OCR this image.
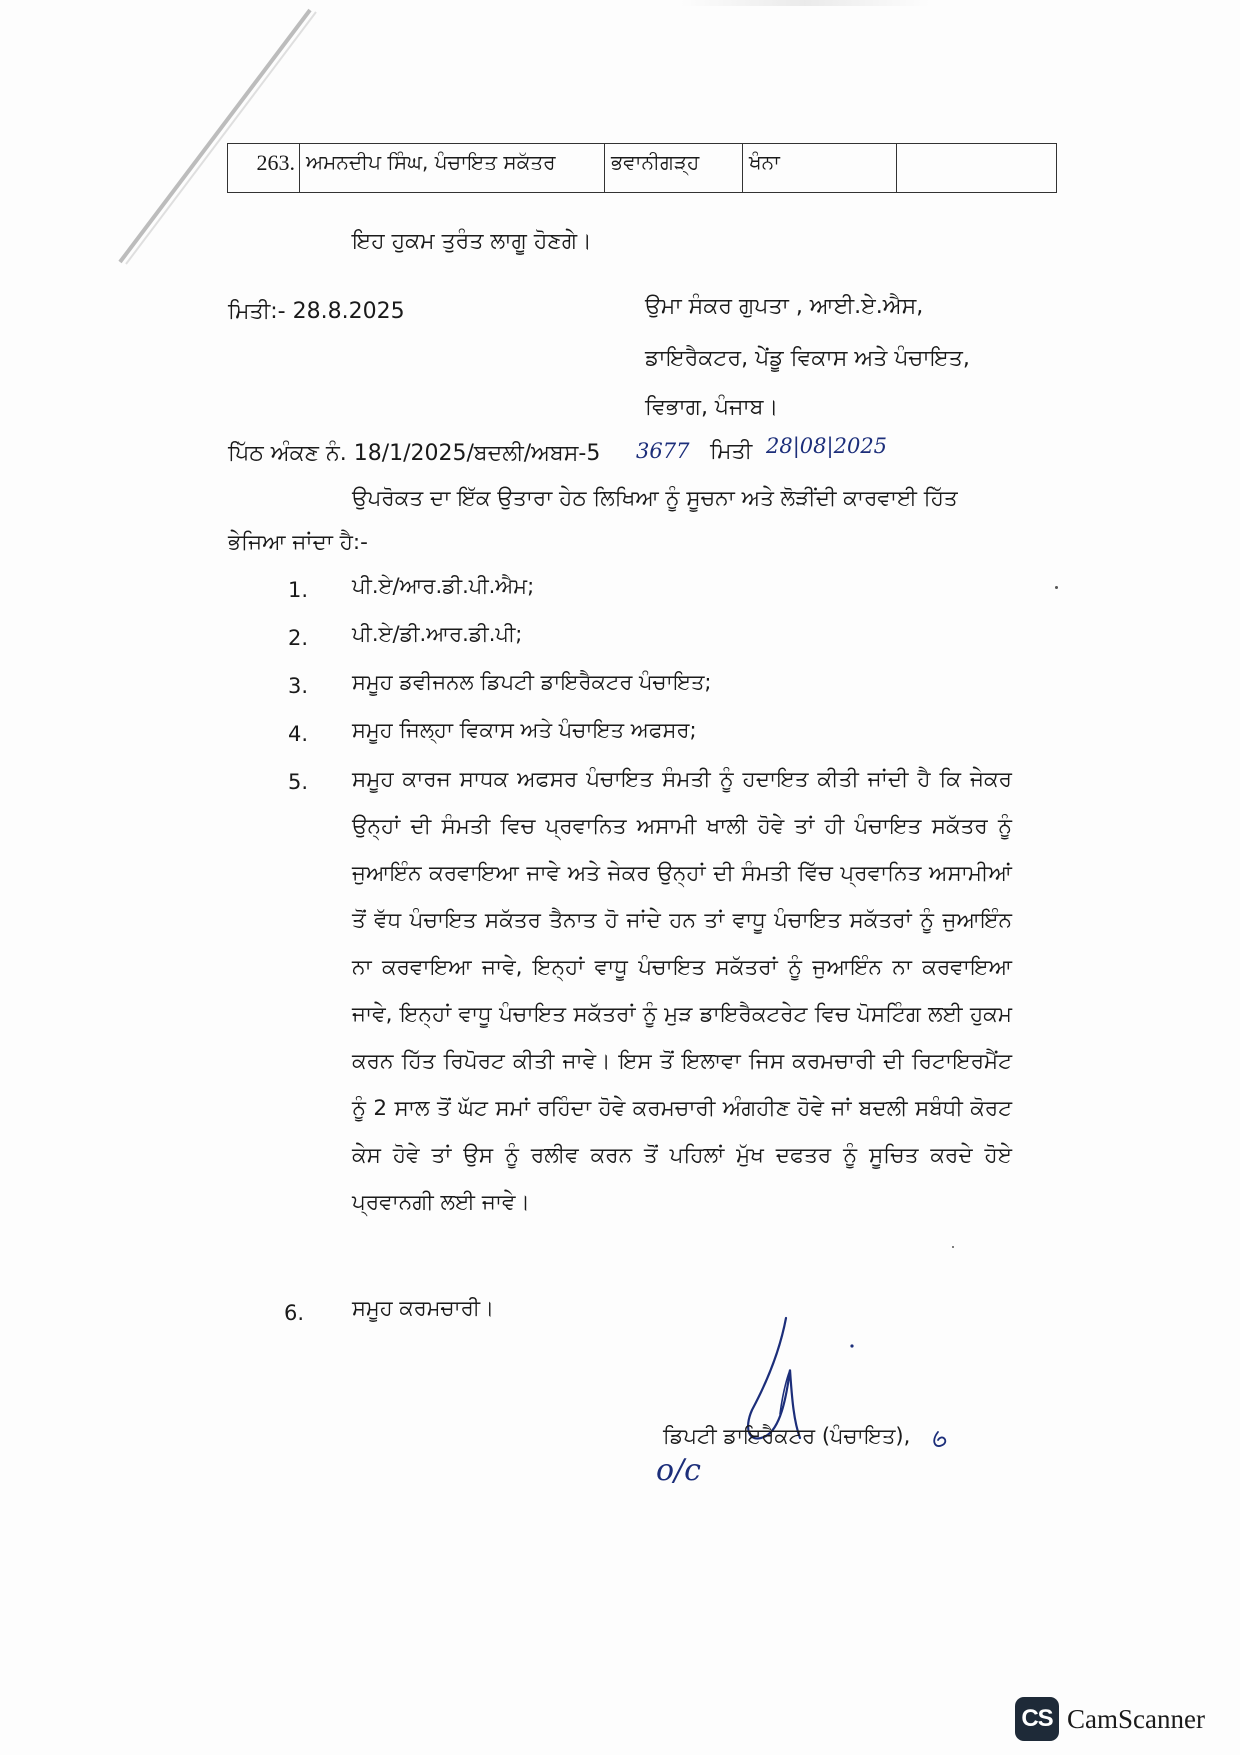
263. ਅਮਨਦੀਪ ਸਿੰਘ, ਪੰਚਾਇਤ ਸਕੱਤਰ	ਭਵਾਨੀਗੜ੍ਹ	ਖੰਨਾ
ਇਹ ਹੁਕਮ ਤੁਰੰਤ ਲਾਗੂ ਹੋਣਗੇ।
ਮਿਤੀ:- 28.8.2025	ਉਮਾ ਸੰਕਰ ਗੁਪਤਾ , ਆਈ.ਏ.ਐਸ,
ਡਾਇਰੈਕਟਰ, ਪੇਂਡੂ ਵਿਕਾਸ ਅਤੇ ਪੰਚਾਇਤ,
ਵਿਭਾਗ, ਪੰਜਾਬ।
ਪਿੱਠ ਅੰਕਣ ਨੰ. 18/1/2025/ਬਦਲੀ/ਅਬਸ-5 3677 ਮਿਤੀ 28|08|2025
ਉਪਰੋਕਤ ਦਾ ਇੱਕ ਉਤਾਰਾ ਹੇਠ ਲਿਖਿਆ ਨੂੰ ਸੂਚਨਾ ਅਤੇ ਲੋੜੀਂਦੀ ਕਾਰਵਾਈ ਹਿੱਤ
ਭੇਜਿਆ ਜਾਂਦਾ ਹੈ:-
1.	ਪੀ.ਏ/ਆਰ.ਡੀ.ਪੀ.ਐਮ;
2.	ਪੀ.ਏ/ਡੀ.ਆਰ.ਡੀ.ਪੀ;
3.	ਸਮੂਹ ਡਵੀਜਨਲ ਡਿਪਟੀ ਡਾਇਰੈਕਟਰ ਪੰਚਾਇਤ;
4.	ਸਮੂਹ ਜਿਲ੍ਹਾ ਵਿਕਾਸ ਅਤੇ ਪੰਚਾਇਤ ਅਫਸਰ;
5.	ਸਮੂਹ ਕਾਰਜ ਸਾਧਕ ਅਫਸਰ ਪੰਚਾਇਤ ਸੰਮਤੀ ਨੂੰ ਹਦਾਇਤ ਕੀਤੀ ਜਾਂਦੀ ਹੈ ਕਿ ਜੇਕਰ ਉਨ੍ਹਾਂ ਦੀ ਸੰਮਤੀ ਵਿਚ ਪ੍ਰਵਾਨਿਤ ਅਸਾਮੀ ਖਾਲੀ ਹੋਵੇ ਤਾਂ ਹੀ ਪੰਚਾਇਤ ਸਕੱਤਰ ਨੂੰ ਜੁਆਇੰਨ ਕਰਵਾਇਆ ਜਾਵੇ ਅਤੇ ਜੇਕਰ ਉਨ੍ਹਾਂ ਦੀ ਸੰਮਤੀ ਵਿੱਚ ਪ੍ਰਵਾਨਿਤ ਅਸਾਮੀਆਂ ਤੋਂ ਵੱਧ ਪੰਚਾਇਤ ਸਕੱਤਰ ਤੈਨਾਤ ਹੋ ਜਾਂਦੇ ਹਨ ਤਾਂ ਵਾਧੂ ਪੰਚਾਇਤ ਸਕੱਤਰਾਂ ਨੂੰ ਜੁਆਇੰਨ ਨਾ ਕਰਵਾਇਆ ਜਾਵੇ, ਇਨ੍ਹਾਂ ਵਾਧੂ ਪੰਚਾਇਤ ਸਕੱਤਰਾਂ ਨੂੰ ਜੁਆਇੰਨ ਨਾ ਕਰਵਾਇਆ ਜਾਵੇ, ਇਨ੍ਹਾਂ ਵਾਧੂ ਪੰਚਾਇਤ ਸਕੱਤਰਾਂ ਨੂੰ ਮੁੜ ਡਾਇਰੈਕਟਰੇਟ ਵਿਚ ਪੋਸਟਿੰਗ ਲਈ ਹੁਕਮ ਕਰਨ ਹਿੱਤ ਰਿਪੋਰਟ ਕੀਤੀ ਜਾਵੇ। ਇਸ ਤੋਂ ਇਲਾਵਾ ਜਿਸ ਕਰਮਚਾਰੀ ਦੀ ਰਿਟਾਇਰਮੈਂਟ ਨੂੰ 2 ਸਾਲ ਤੋਂ ਘੱਟ ਸਮਾਂ ਰਹਿੰਦਾ ਹੋਵੇ ਕਰਮਚਾਰੀ ਅੰਗਹੀਣ ਹੋਵੇ ਜਾਂ ਬਦਲੀ ਸਬੰਧੀ ਕੋਰਟ ਕੇਸ ਹੋਵੇ ਤਾਂ ਉਸ ਨੂੰ ਰਲੀਵ ਕਰਨ ਤੋਂ ਪਹਿਲਾਂ ਮੁੱਖ ਦਫਤਰ ਨੂੰ ਸੂਚਿਤ ਕਰਦੇ ਹੋਏ ਪ੍ਰਵਾਨਗੀ ਲਈ ਜਾਵੇ।
6.	ਸਮੂਹ ਕਰਮਚਾਰੀ।
ਡਿਪਟੀ ਡਾਇਰੈਕਟਰ (ਪੰਚਾਇਤ),
o/c
CS CamScanner
